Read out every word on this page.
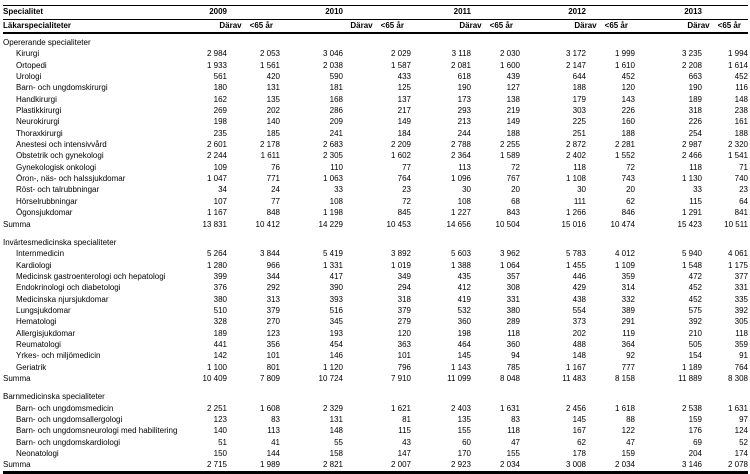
Specialitet	2009		2010		2011		2012		2013	
Läkarspecialiteter	Därav <65 år		Därav <65 år		Därav <65 år		Därav <65 år		Därav <65 år	
Opererande specialiteter										
Kirurgi	2 984	2 053	3 046	2 029	3 118	2 030	3 172	1 999	3 235	1 994
Ortopedi	1 933	1 561	2 038	1 587	2 081	1 600	2 147	1 610	2 208	1 614
Urologi	561	420	590	433	618	439	644	452	663	452
Barn- och ungdomskirurgi	180	131	181	125	190	127	188	120	190	116
Handkirurgi	162	135	168	137	173	138	179	143	189	148
Plastikkirurgi	269	202	286	217	293	219	303	226	318	238
Neurokirurgi	198	140	209	149	213	149	225	160	226	161
Thoraxkirurgi	235	185	241	184	244	188	251	188	254	188
Anestesi och intensivvård	2 601	2 178	2 683	2 209	2 788	2 255	2 872	2 281	2 987	2 320
Obstetrik och gynekologi	2 244	1 611	2 305	1 602	2 364	1 589	2 402	1 552	2 466	1 541
Gynekologisk onkologi	109	76	110	77	113	72	118	72	118	71
Öron-, näs- och halssjukdomar	1 047	771	1 063	764	1 096	767	1 108	743	1 130	740
Röst- och talrubbningar	34	24	33	23	30	20	30	20	33	23
Hörselrubbningar	107	77	108	72	108	68	111	62	115	64
Ögonsjukdomar	1 167	848	1 198	845	1 227	843	1 266	846	1 291	841
Summa	13 831	10 412	14 229	10 453	14 656	10 504	15 016	10 474	15 423	10 511
Invärtesmedicinska specialiteter										
Internmedicin	5 264	3 844	5 419	3 892	5 603	3 962	5 783	4 012	5 940	4 061
Kardiologi	1 280	966	1 331	1 019	1 388	1 064	1 455	1 109	1 548	1 175
Medicinsk gastroenterologi och hepatologi	399	344	417	349	435	357	446	359	472	377
Endokrinologi och diabetologi	376	292	390	294	412	308	429	314	452	331
Medicinska njursjukdomar	380	313	393	318	419	331	438	332	452	335
Lungsjukdomar	510	379	516	379	532	380	554	389	575	392
Hematologi	328	270	345	279	360	289	373	291	392	305
Allergisjukdomar	189	123	193	120	198	118	202	119	210	118
Reumatologi	441	356	454	363	464	360	488	364	505	359
Yrkes- och miljömedicin	142	101	146	101	145	94	148	92	154	91
Geriatrik	1 100	801	1 120	796	1 143	785	1 167	777	1 189	764
Summa	10 409	7 809	10 724	7 910	11 099	8 048	11 483	8 158	11 889	8 308
Barnmedicinska specialiteter										
Barn- och ungdomsmedicin	2 251	1 608	2 329	1 621	2 403	1 631	2 456	1 618	2 538	1 631
Barn- och ungdomsallergologi	123	83	131	81	135	83	145	88	159	97
Barn- och ungdomsneurologi med habilitering	140	113	148	115	155	118	167	122	176	124
Barn- och ungdomskardiologi	51	41	55	43	60	47	62	47	69	52
Neonatologi	150	144	158	147	170	155	178	159	204	174
Summa	2 715	1 989	2 821	2 007	2 923	2 034	3 008	2 034	3 146	2 078
